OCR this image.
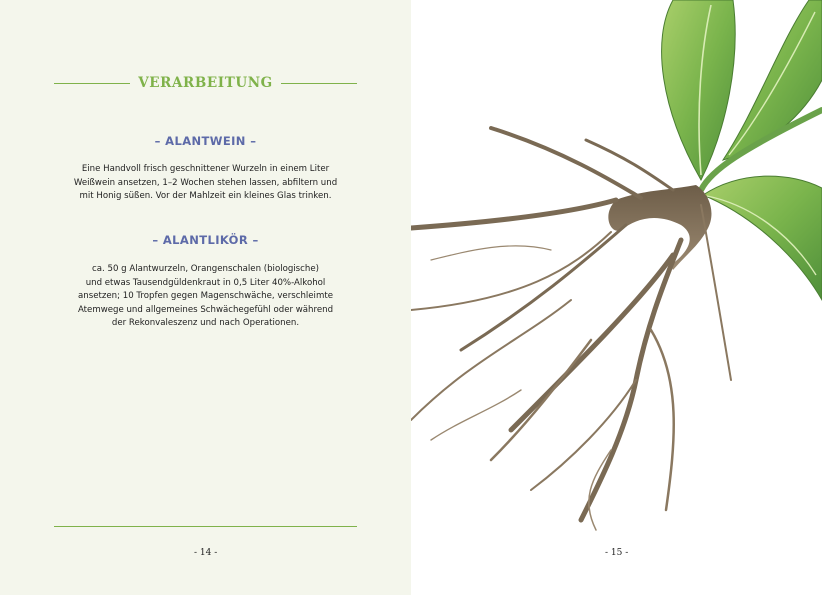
VERARBEITUNG
– ALANTWEIN –
Eine Handvoll frisch geschnittener Wurzeln in einem Liter
Weißwein ansetzen, 1–2 Wochen stehen lassen, abfiltern und
mit Honig süßen. Vor der Mahlzeit ein kleines Glas trinken.
– ALANTLIKÖR –
ca. 50 g Alantwurzeln, Orangenschalen (biologische)
und etwas Tausendgüldenkraut in 0,5 Liter 40%-Alkohol
ansetzen; 10 Tropfen gegen Magenschwäche, verschleimte
Atemwege und allgemeines Schwächegefühl oder während
der Rekonvaleszenz und nach Operationen.
- 14 -	- 15 -
